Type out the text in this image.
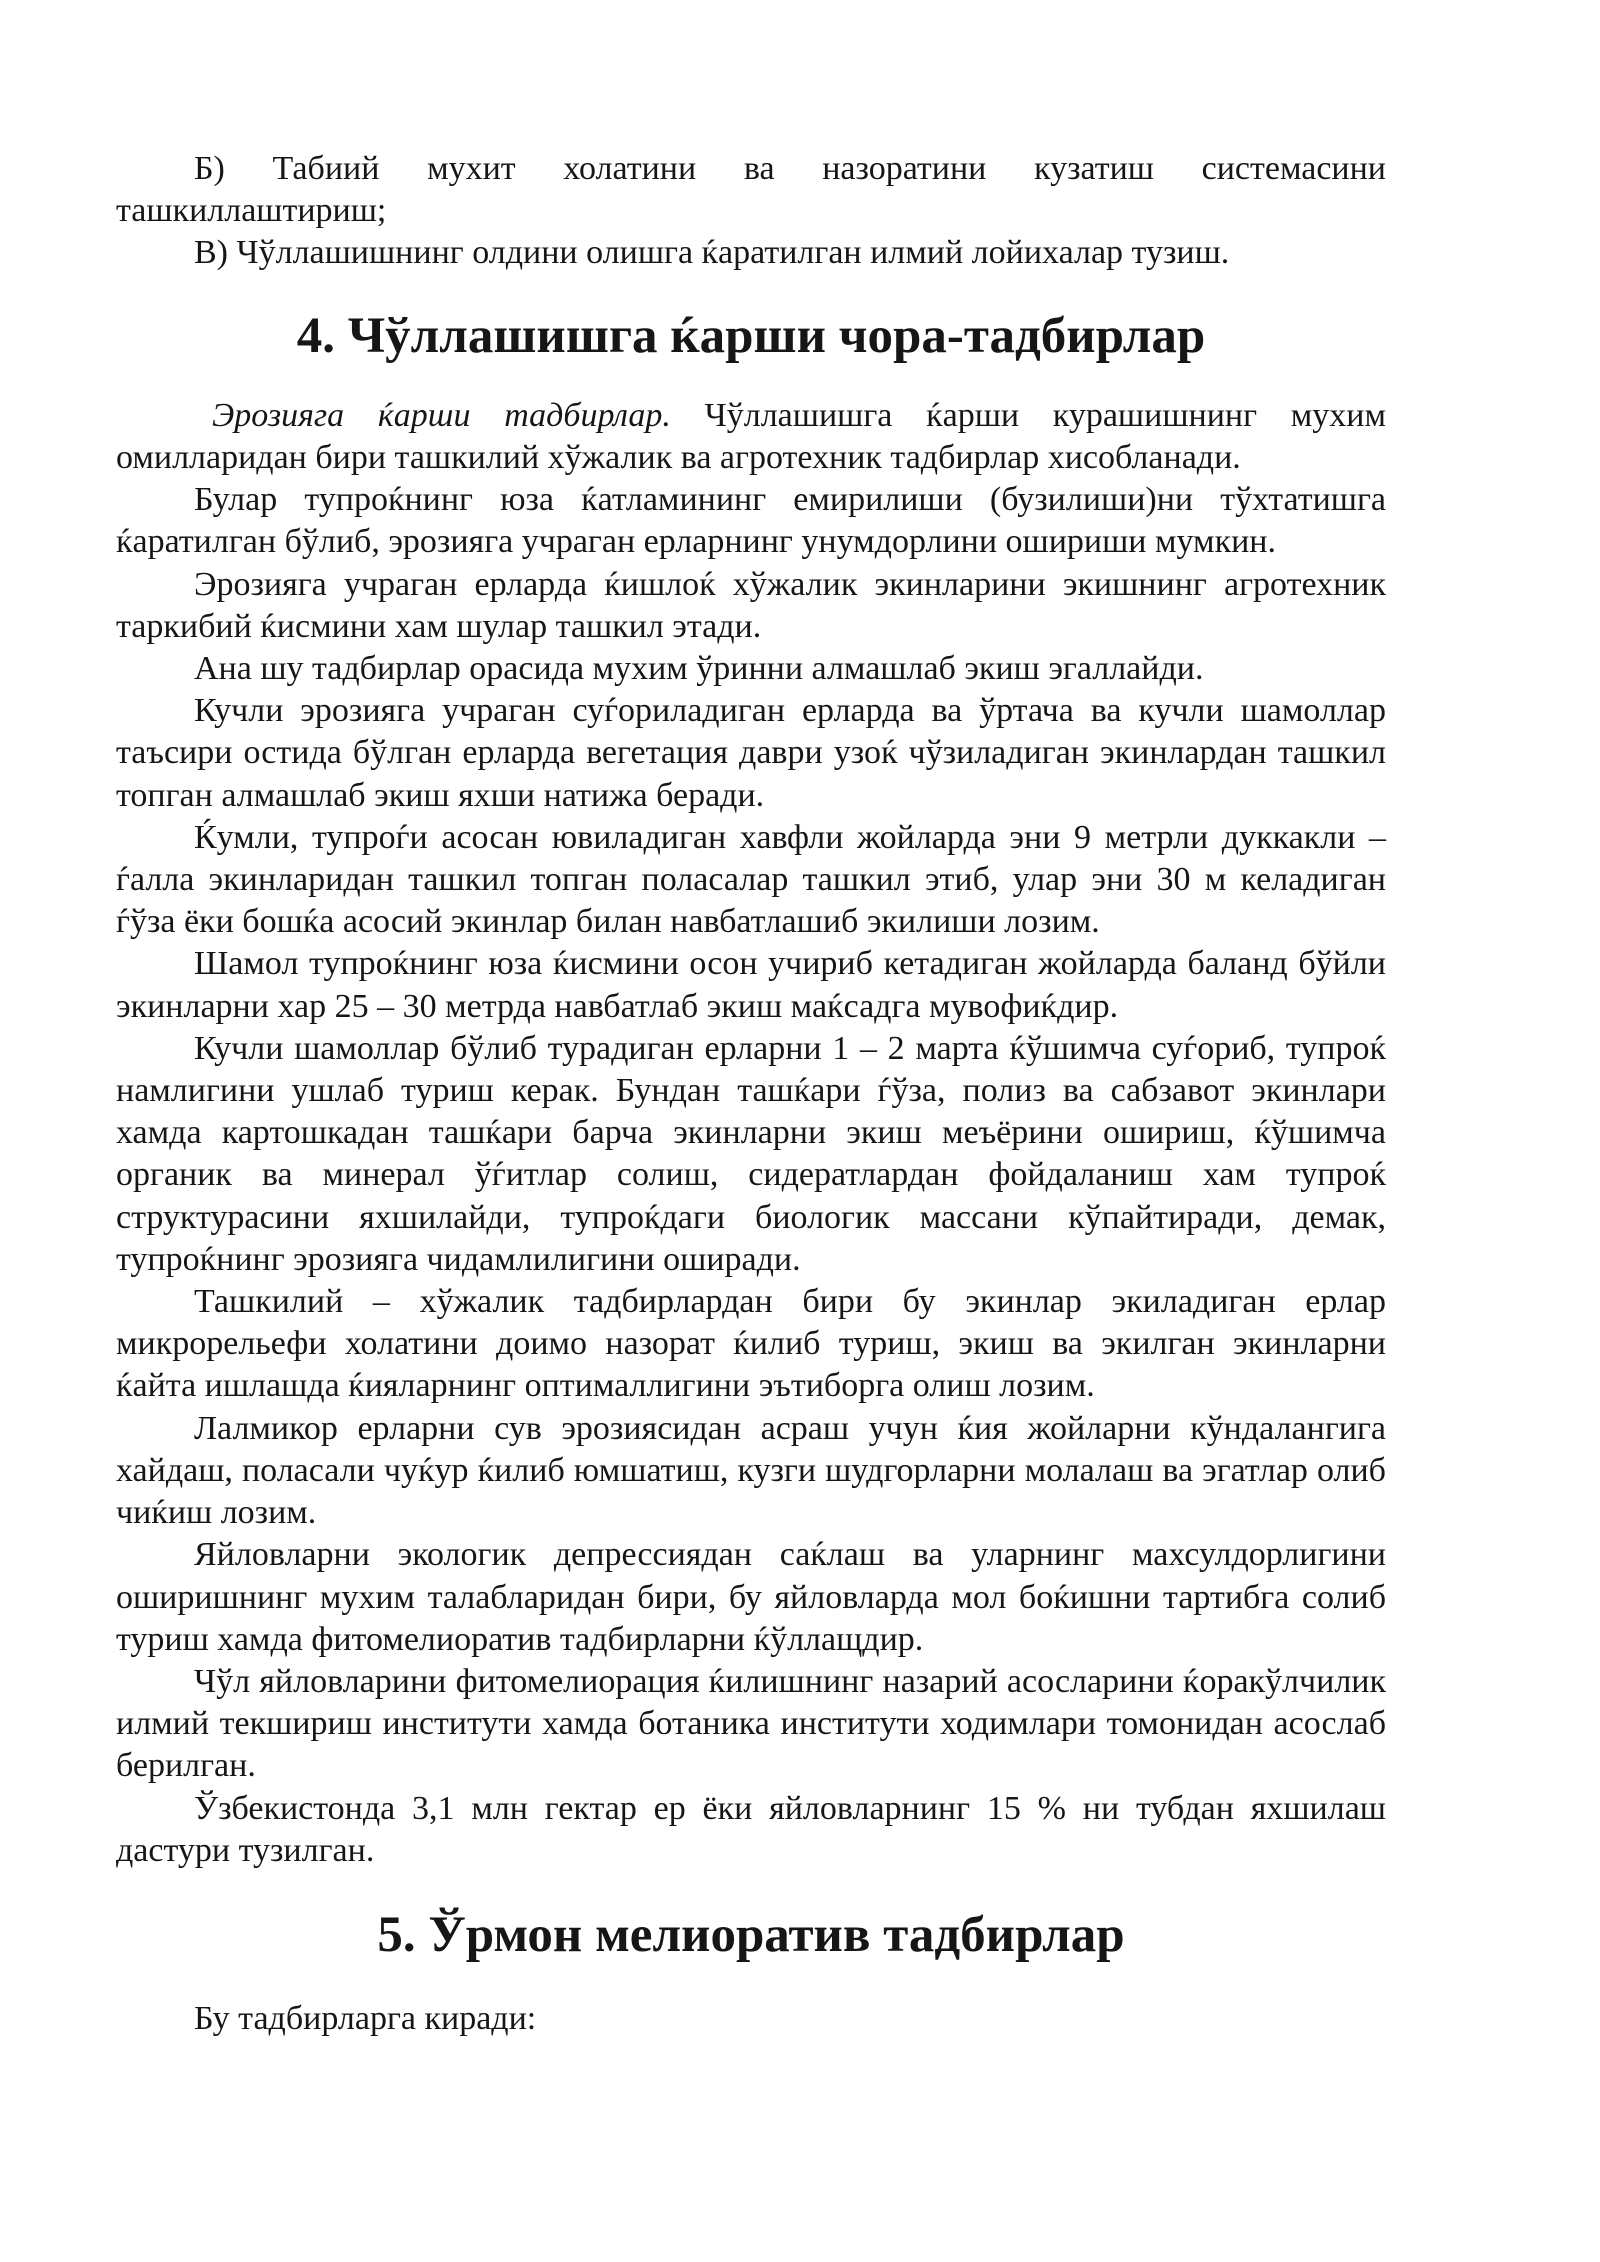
Б) Табиий мухит холатини ва назоратини кузатиш системасини ташкиллаштириш;

В) Чўллашишнинг олдини олишга ќаратилган илмий лойихалар тузиш.

4. Чўллашишга ќарши чора-тадбирлар

Эрозияга ќарши тадбирлар. Чўллашишга ќарши курашишнинг мухим омилларидан бири ташкилий хўжалик ва агротехник тадбирлар хисобланади.

Булар тупроќнинг юза ќатламининг емирилиши (бузилиши)ни тўхтатишга ќаратилган бўлиб, эрозияга учраган ерларнинг унумдорлини ошириши мумкин.

Эрозияга учраган ерларда ќишлоќ хўжалик экинларини экишнинг агротехник таркибий ќисмини хам шулар ташкил этади.

Ана шу тадбирлар орасида мухим ўринни алмашлаб экиш эгаллайди.

Кучли эрозияга учраган суѓориладиган ерларда ва ўртача ва кучли шамоллар таъсири остида бўлган ерларда вегетация даври узоќ чўзиладиган экинлардан ташкил топган алмашлаб экиш яхши натижа беради.

Ќумли, тупроѓи асосан ювиладиган хавфли жойларда эни 9 метрли дуккакли – ѓалла экинларидан ташкил топган поласалар ташкил этиб, улар эни 30 м келадиган ѓўза ёки бошќа асосий экинлар билан навбатлашиб экилиши лозим.

Шамол тупроќнинг юза ќисмини осон учириб кетадиган жойларда баланд бўйли экинларни хар 25 – 30 метрда навбатлаб экиш маќсадга мувофиќдир.

Кучли шамоллар бўлиб турадиган ерларни 1 – 2 марта ќўшимча суѓориб, тупроќ намлигини ушлаб туриш керак. Бундан ташќари ѓўза, полиз ва сабзавот экинлари хамда картошкадан ташќари барча экинларни экиш меъёрини ошириш, ќўшимча органик ва минерал ўѓитлар солиш, сидератлардан фойдаланиш хам тупроќ структурасини яхшилайди, тупроќдаги биологик массани кўпайтиради, демак, тупроќнинг эрозияга чидамлилигини оширади.

Ташкилий – хўжалик тадбирлардан бири бу экинлар экиладиган ерлар микрорельефи холатини доимо назорат ќилиб туриш, экиш ва экилган экинларни ќайта ишлашда ќияларнинг оптималлигини эътиборга олиш лозим.

Лалмикор ерларни сув эрозиясидан асраш учун ќия жойларни кўндалангига хайдаш, поласали чуќур ќилиб юмшатиш, кузги шудгорларни молалаш ва эгатлар олиб чиќиш лозим.

Яйловларни экологик депрессиядан саќлаш ва уларнинг махсулдорлигини оширишнинг мухим талабларидан бири, бу яйловларда мол боќишни тартибга солиб туриш хамда фитомелиоратив тадбирларни ќўллащдир.

Чўл яйловларини фитомелиорация ќилишнинг назарий асосларини ќоракўлчилик илмий текшириш институти хамда ботаника институти ходимлари томонидан асослаб берилган.

Ўзбекистонда 3,1 млн гектар ер ёки яйловларнинг 15 % ни тубдан яхшилаш дастури тузилган.

5. Ўрмон мелиоратив тадбирлар

Бу тадбирларга киради:
